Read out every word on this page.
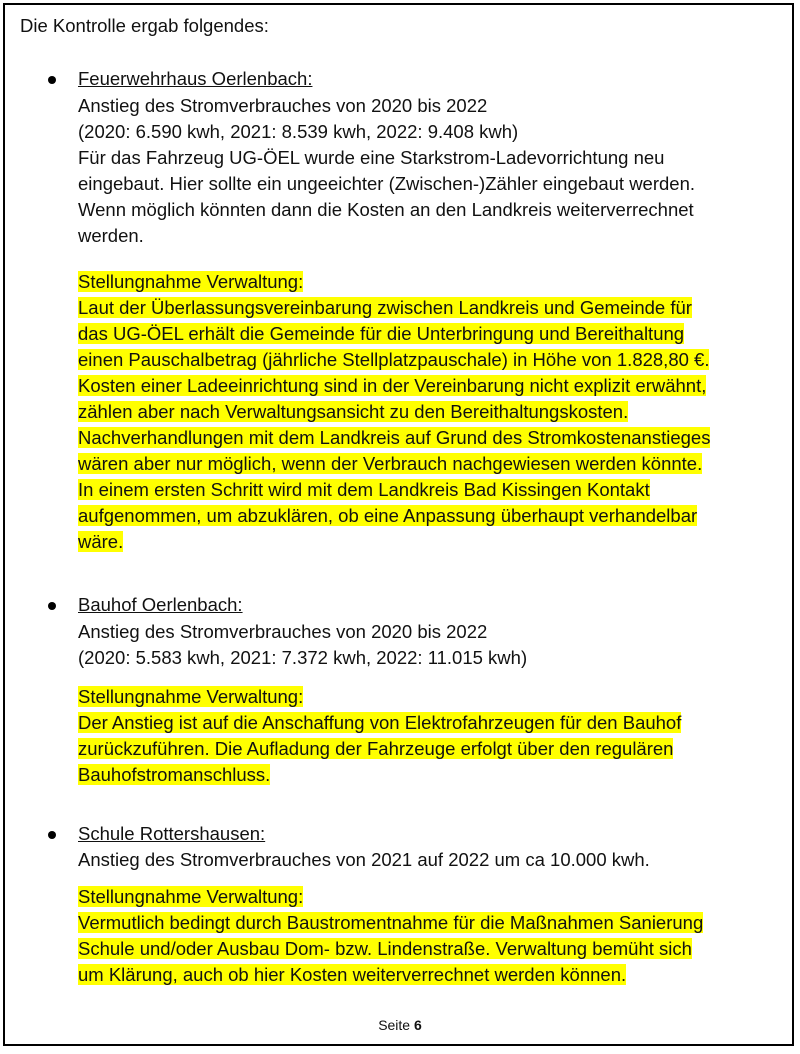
Die Kontrolle ergab folgendes:
Feuerwehrhaus Oerlenbach:
Anstieg des Stromverbrauches von 2020 bis 2022
(2020: 6.590 kwh, 2021: 8.539 kwh, 2022: 9.408 kwh)
Für das Fahrzeug UG-ÖEL wurde eine Starkstrom-Ladevorrichtung neu
eingebaut. Hier sollte ein ungeeichter (Zwischen-)Zähler eingebaut werden.
Wenn möglich könnten dann die Kosten an den Landkreis weiterverrechnet
werden.
Stellungnahme Verwaltung:
Laut der Überlassungsvereinbarung zwischen Landkreis und Gemeinde für
das UG-ÖEL erhält die Gemeinde für die Unterbringung und Bereithaltung
einen Pauschalbetrag (jährliche Stellplatzpauschale) in Höhe von 1.828,80 €.
Kosten einer Ladeeinrichtung sind in der Vereinbarung nicht explizit erwähnt,
zählen aber nach Verwaltungsansicht zu den Bereithaltungskosten.
Nachverhandlungen mit dem Landkreis auf Grund des Stromkostenanstieges
wären aber nur möglich, wenn der Verbrauch nachgewiesen werden könnte.
In einem ersten Schritt wird mit dem Landkreis Bad Kissingen Kontakt
aufgenommen, um abzuklären, ob eine Anpassung überhaupt verhandelbar
wäre.
Bauhof Oerlenbach:
Anstieg des Stromverbrauches von 2020 bis 2022
(2020: 5.583 kwh, 2021: 7.372 kwh, 2022: 11.015 kwh)
Stellungnahme Verwaltung:
Der Anstieg ist auf die Anschaffung von Elektrofahrzeugen für den Bauhof
zurückzuführen. Die Aufladung der Fahrzeuge erfolgt über den regulären
Bauhofstromanschluss.
Schule Rottershausen:
Anstieg des Stromverbrauches von 2021 auf 2022 um ca 10.000 kwh.
Stellungnahme Verwaltung:
Vermutlich bedingt durch Baustromentnahme für die Maßnahmen Sanierung
Schule und/oder Ausbau Dom- bzw. Lindenstraße. Verwaltung bemüht sich
um Klärung, auch ob hier Kosten weiterverrechnet werden können.
Seite 6
